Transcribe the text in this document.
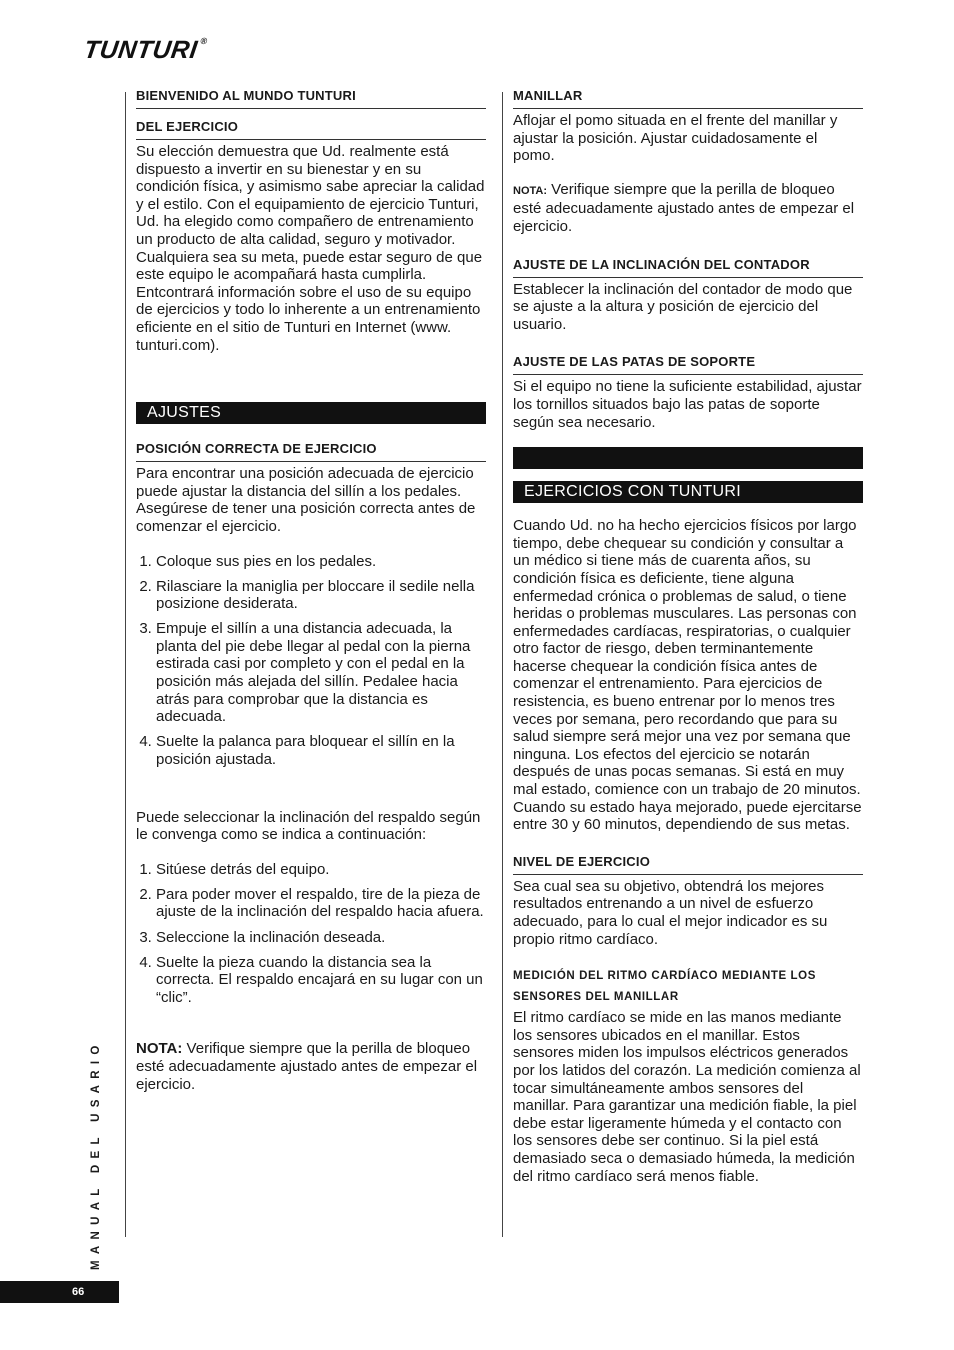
TUNTURI®
BIENVENIDO AL MUNDO TUNTURI
DEL EJERCICIO

Su elección demuestra que Ud. realmente está dispuesto a invertir en su bienestar y en su condición física, y asimismo sabe apreciar la calidad y el estilo. Con el equipamiento de ejercicio Tunturi, Ud. ha elegido como compañero de entrenamiento un producto de alta calidad, seguro y motivador. Cualquiera sea su meta, puede estar seguro de que este equipo le acompañará hasta cumplirla. Entcontrará información sobre el uso de su equipo de ejercicios y todo lo inherente a un entrenamiento eficiente en el sitio de Tunturi en Internet (www. tunturi.com).

AJUSTES
POSICIÓN CORRECTA DE EJERCICIO

Para encontrar una posición adecuada de ejercicio puede ajustar la distancia del sillín a los pedales. Asegúrese de tener una posición correcta antes de comenzar el ejercicio.

1. Coloque sus pies en los pedales.
2. Rilasciare la maniglia per bloccare il sedile nella posizione desiderata.
3. Empuje el sillín a una distancia adecuada, la planta del pie debe llegar al pedal con la pierna estirada casi por completo y con el pedal en la posición más alejada del sillín. Pedalee hacia atrás para comprobar que la distancia es adecuada.
4. Suelte la palanca para bloquear el sillín en la posición ajustada.

Puede seleccionar la inclinación del respaldo según le convenga como se indica a continuación:

1. Sitúese detrás del equipo.
2. Para poder mover el respaldo, tire de la pieza de ajuste de la inclinación del respaldo hacia afuera.
3. Seleccione la inclinación deseada.
4. Suelte la pieza cuando la distancia sea la correcta. El respaldo encajará en su lugar con un “clic”.

NOTA: Verifique siempre que la perilla de bloqueo esté adecuadamente ajustado antes de empezar el ejercicio.

MANILLAR

Aflojar el pomo situada en el frente del manillar y ajustar la posición. Ajustar cuidadosamente el pomo.

NOTA: Verifique siempre que la perilla de bloqueo esté adecuadamente ajustado antes de empezar el ejercicio.

AJUSTE DE LA INCLINACIÓN DEL CONTADOR

Establecer la inclinación del contador de modo que se ajuste a la altura y posición de ejercicio del usuario.

AJUSTE DE LAS PATAS DE SOPORTE

Si el equipo no tiene la suficiente estabilidad, ajustar los tornillos situados bajo las patas de soporte según sea necesario.

EJERCICIOS CON TUNTURI

Cuando Ud. no ha hecho ejercicios físicos por largo tiempo, debe chequear su condición y consultar a un médico si tiene más de cuarenta años, su condición física es deficiente, tiene alguna enfermedad crónica o problemas de salud, o tiene heridas o problemas musculares. Las personas con enfermedades cardíacas, respiratorias, o cualquier otro factor de riesgo, deben terminantemente hacerse chequear la condición física antes de comenzar el entrenamiento. Para ejercicios de resistencia, es bueno entrenar por lo menos tres veces por semana, pero recordando que para su salud siempre será mejor una vez por semana que ninguna. Los efectos del ejercicio se notarán después de unas pocas semanas. Si está en muy mal estado, comience con un trabajo de 20 minutos. Cuando su estado haya mejorado, puede ejercitarse entre 30 y 60 minutos, dependiendo de sus metas.

NIVEL DE EJERCICIO

Sea cual sea su objetivo, obtendrá los mejores resultados entrenando a un nivel de esfuerzo adecuado, para lo cual el mejor indicador es su propio ritmo cardíaco.

MEDICIÓN DEL RITMO CARDÍACO MEDIANTE LOS
SENSORES DEL MANILLAR

El ritmo cardíaco se mide en las manos mediante los sensores ubicados en el manillar. Estos sensores miden los impulsos eléctricos generados por los latidos del corazón. La medición comienza al tocar simultáneamente ambos sensores del manillar. Para garantizar una medición fiable, la piel debe estar ligeramente húmeda y el contacto con los sensores debe ser continuo. Si la piel está demasiado seca o demasiado húmeda, la medición del ritmo cardíaco será menos fiable.

MANUAL DEL USARIO
66
